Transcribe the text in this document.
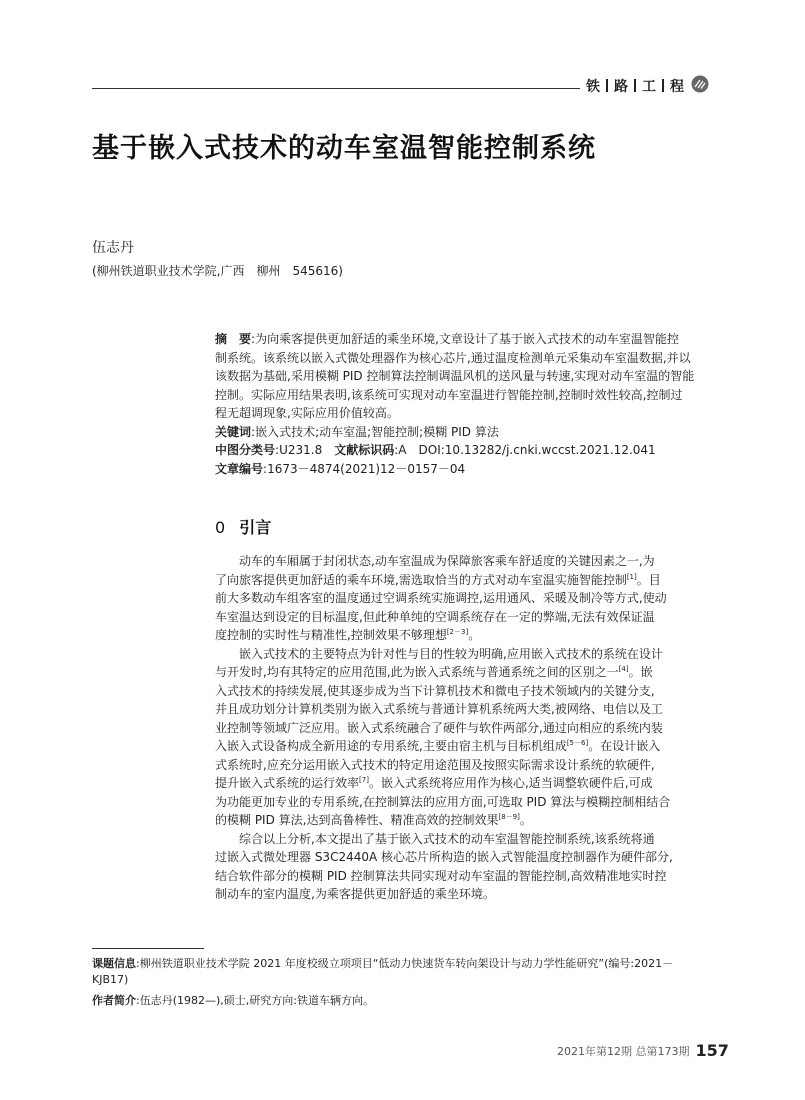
铁 路 工 程
基于嵌入式技术的动车室温智能控制系统
伍志丹
(柳州铁道职业技术学院,广西　柳州　545616)
摘　要:为向乘客提供更加舒适的乘坐环境,文章设计了基于嵌入式技术的动车室温智能控
制系统。该系统以嵌入式微处理器作为核心芯片,通过温度检测单元采集动车室温数据,并以
该数据为基础,采用模糊 PID 控制算法控制调温风机的送风量与转速,实现对动车室温的智能
控制。实际应用结果表明,该系统可实现对动车室温进行智能控制,控制时效性较高,控制过
程无超调现象,实际应用价值较高。
关键词:嵌入式技术;动车室温;智能控制;模糊 PID 算法
中图分类号:U231.8　 文献标识码:A　 DOI:10.13282/j.cnki.wccst.2021.12.041
文章编号:1673－4874(2021)12－0157－04
0 引言
动车的车厢属于封闭状态,动车室温成为保障旅客乘车舒适度的关键因素之一,为
了向旅客提供更加舒适的乘车环境,需选取恰当的方式对动车室温实施智能控制[1]。目
前大多数动车组客室的温度通过空调系统实施调控,运用通风、采暖及制冷等方式,使动
车室温达到设定的目标温度,但此种单纯的空调系统存在一定的弊端,无法有效保证温
度控制的实时性与精准性,控制效果不够理想[2－3]。
嵌入式技术的主要特点为针对性与目的性较为明确,应用嵌入式技术的系统在设计
与开发时,均有其特定的应用范围,此为嵌入式系统与普通系统之间的区别之一[4]。嵌
入式技术的持续发展,使其逐步成为当下计算机技术和微电子技术领域内的关键分支,
并且成功划分计算机类别为嵌入式系统与普通计算机系统两大类,被网络、电信以及工
业控制等领域广泛应用。嵌入式系统融合了硬件与软件两部分,通过向相应的系统内装
入嵌入式设备构成全新用途的专用系统,主要由宿主机与目标机组成[5－6]。在设计嵌入
式系统时,应充分运用嵌入式技术的特定用途范围及按照实际需求设计系统的软硬件,
提升嵌入式系统的运行效率[7]。嵌入式系统将应用作为核心,适当调整软硬件后,可成
为功能更加专业的专用系统,在控制算法的应用方面,可选取 PID 算法与模糊控制相结合
的模糊 PID 算法,达到高鲁棒性、精准高效的控制效果[8－9]。
综合以上分析,本文提出了基于嵌入式技术的动车室温智能控制系统,该系统将通
过嵌入式微处理器 S3C2440A 核心芯片所构造的嵌入式智能温度控制器作为硬件部分,
结合软件部分的模糊 PID 控制算法共同实现对动车室温的智能控制,高效精准地实时控
制动车的室内温度,为乘客提供更加舒适的乘坐环境。
课题信息:柳州铁道职业技术学院 2021 年度校级立项项目“低动力快速货车转向架设计与动力学性能研究”(编号:2021－
KJB17)
作者简介:伍志丹(1982—),硕士,研究方向:铁道车辆方向。
2021年第12期 总第173期 157
